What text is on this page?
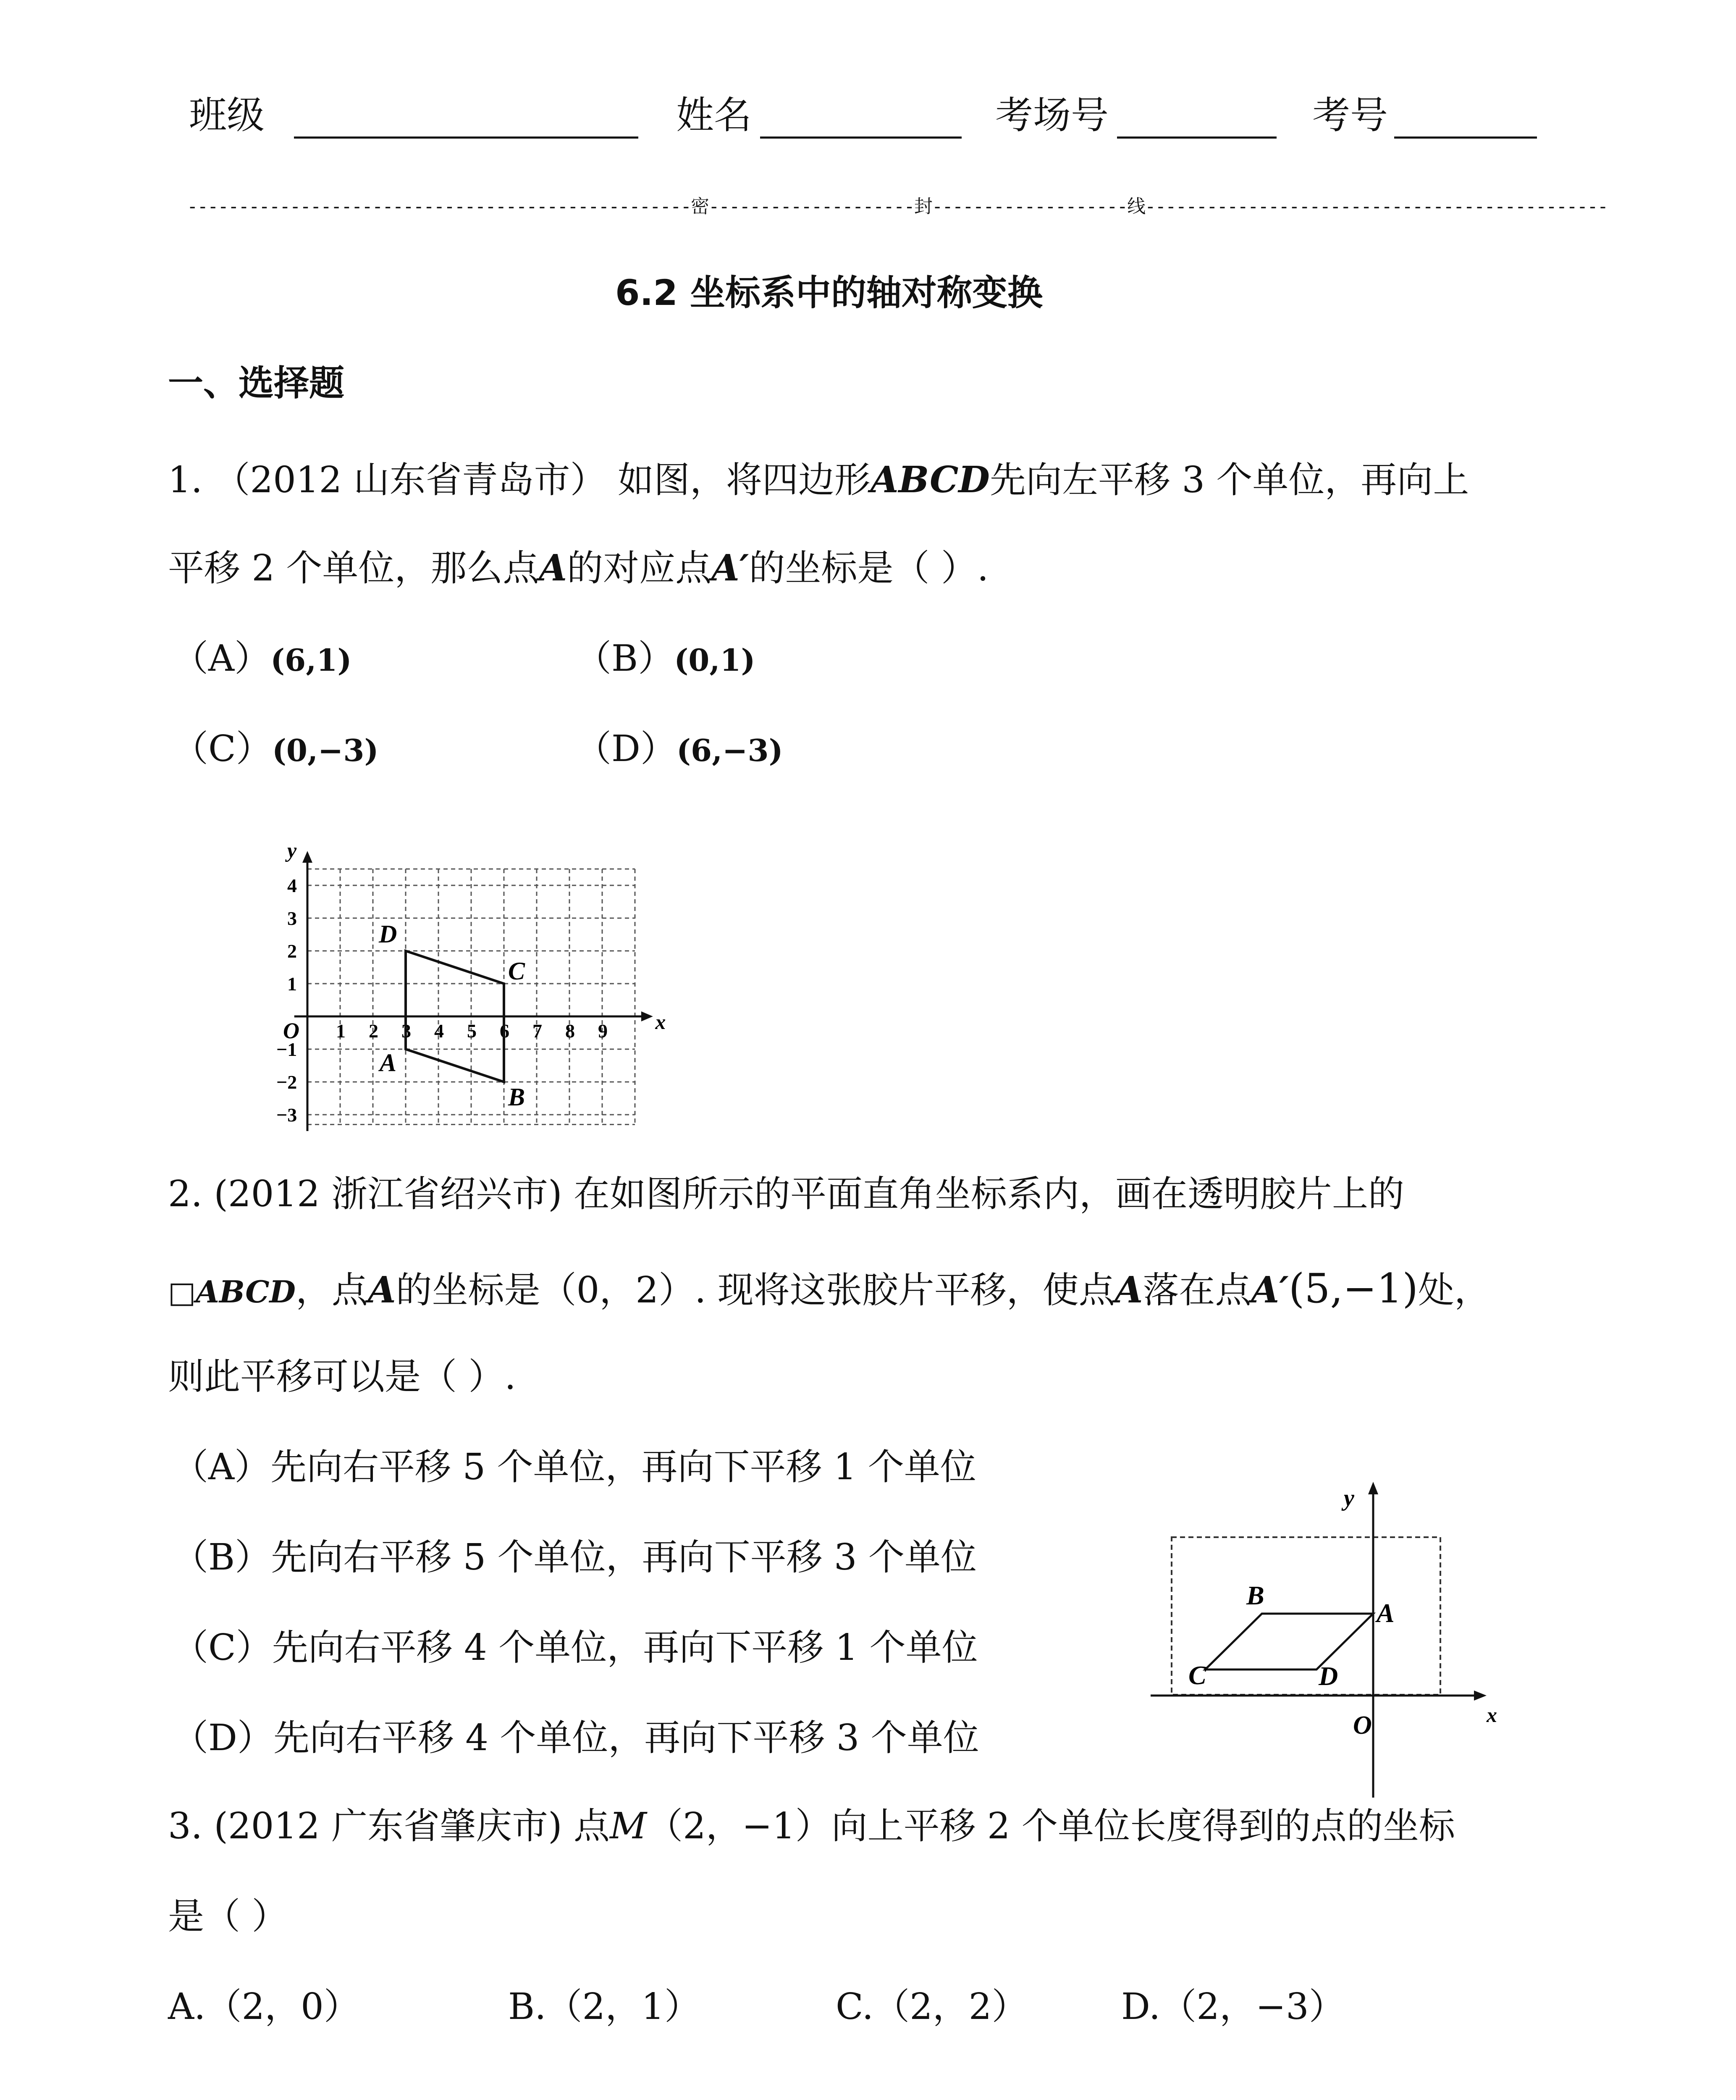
班级	姓名	考场号	考号
-------------------------------------------------密--------------------封-------------------线---------------------------------------------
6.2 坐标系中的轴对称变换
一、选择题
1. （2012 山东省青岛市） 如图，将四边形ABCD先向左平移 3 个单位，再向上
平移 2 个单位，那么点A的对应点A′的坐标是（ ）.
（A）(6,1)	（B）(0,1)
（C）(0,−3)	（D）(6,−3)
x
y
O 1 2 3 4 5 6 7 8 9
4
3
2
1
−1
−2
−3
A
B
C
D
2. (2012 浙江省绍兴市) 在如图所示的平面直角坐标系内，画在透明胶片上的
□ABCD，点A的坐标是（0，2）. 现将这张胶片平移，使点A落在点A′(5,−1)处，
则此平移可以是（ ）.
（A）先向右平移 5 个单位，再向下平移 1 个单位
（B）先向右平移 5 个单位，再向下平移 3 个单位
（C）先向右平移 4 个单位，再向下平移 1 个单位
（D）先向右平移 4 个单位，再向下平移 3 个单位
y
x
O
A
B
C	D
3. (2012 广东省肇庆市) 点M（2，−1）向上平移 2 个单位长度得到的点的坐标
是（ ）
A.（2，0）	B.（2，1）	C.（2，2）	D.（2，−3）
